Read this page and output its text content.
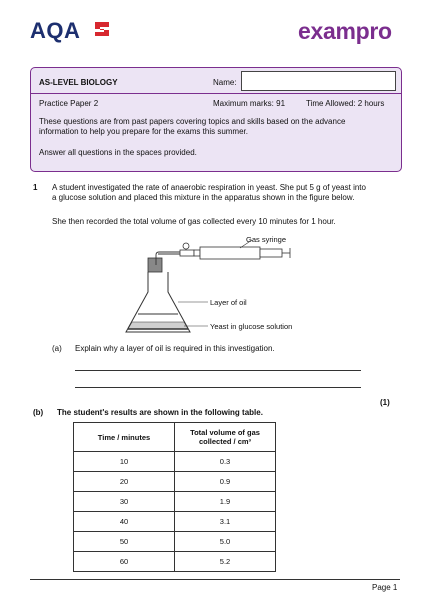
AQA	exampro
AS-LEVEL BIOLOGY	Name:
Practice Paper 2	Maximum marks: 91	Time Allowed: 2 hours
These questions are from past papers covering topics and skills based on the advance information to help you prepare for the exams this summer.
Answer all questions in the spaces provided.
1 A student investigated the rate of anaerobic respiration in yeast. She put 5 g of yeast into a glucose solution and placed this mixture in the apparatus shown in the figure below.
She then recorded the total volume of gas collected every 10 minutes for 1 hour.
Gas syringe
Layer of oil
Yeast in glucose solution
(a) Explain why a layer of oil is required in this investigation.
(1)
(b) The student's results are shown in the following table.
Time / minutes	Total volume of gas collected / cm³
10	0.3
20	0.9
30	1.9
40	3.1
50	5.0
60	5.2
Page 1
